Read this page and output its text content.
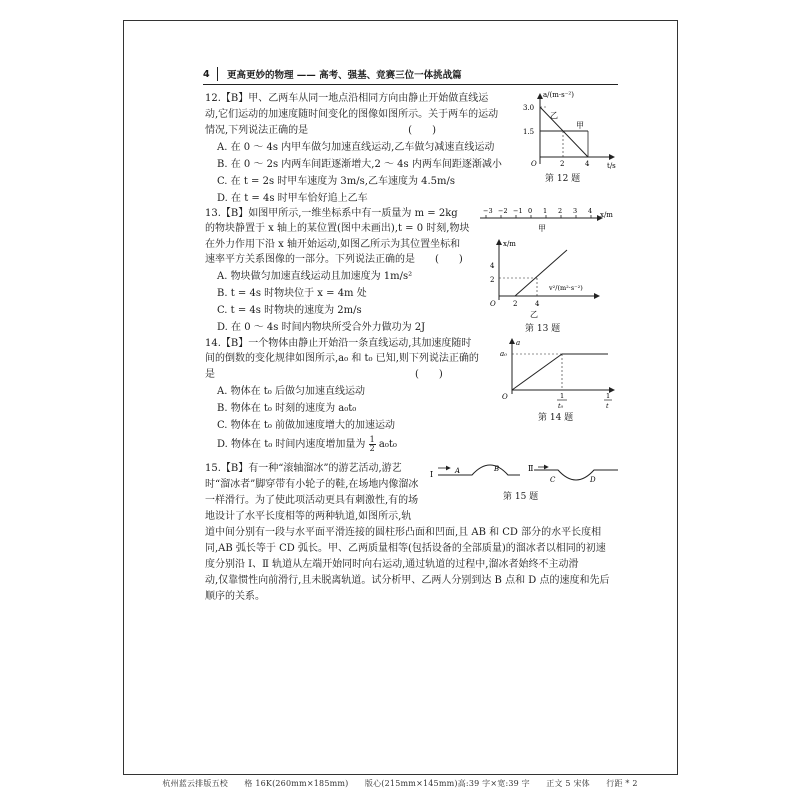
4	更高更妙的物理 —— 高考、强基、竞赛三位一体挑战篇
12.【B】甲、乙两车从同一地点沿相同方向由静止开始做直线运
动,它们运动的加速度随时间变化的图像如图所示。关于两车的运动
情况,下列说法正确的是　　　　　　　　　　(　　)
A. 在 0 ～ 4s 内甲车做匀加速直线运动,乙车做匀减速直线运动
B. 在 0 ～ 2s 内两车间距逐渐增大,2 ～ 4s 内两车间距逐渐减小
C. 在 t = 2s 时甲车速度为 3m/s,乙车速度为 4.5m/s
D. 在 t = 4s 时甲车恰好追上乙车
a/(m·s⁻²)
t/s
3.0
1.5
2	4
O
乙
甲
第 12 题
−3 −2 −1 0 1 2 3 4 x/m
甲
13.【B】如图甲所示,一维坐标系中有一质量为 m = 2kg
的物块静置于 x 轴上的某位置(图中未画出),t = 0 时刻,物块
在外力作用下沿 x 轴开始运动,如图乙所示为其位置坐标和
速率平方关系图像的一部分。下列说法正确的是　　(　　)
A. 物块做匀加速直线运动且加速度为 1m/s²
B. t = 4s 时物块位于 x = 4m 处
C. t = 4s 时物块的速度为 2m/s
D. 在 0 ～ 4s 时间内物块所受合外力做功为 2J
x/m
v²/(m²·s⁻²)
4
2
2	4
O
乙
第 13 题
14.【B】一个物体由静止开始沿一条直线运动,其加速度随时
间的倒数的变化规律如图所示,a₀ 和 t₀ 已知,则下列说法正确的
是　　　　　　　　　　　　　　　　　　　　(　　)
A. 物体在 t₀ 后做匀加速直线运动
B. 物体在 t₀ 时刻的速度为 a₀t₀
C. 物体在 t₀ 前做加速度增大的加速运动
D. 物体在 t₀ 时间内速度增加量为 $\frac{1}{2} a_0t_0$
a
a₀
O	1
t₀
1
t
第 14 题
15.【B】有一种“滚轴溜冰”的游艺活动,游艺
时“溜冰者”脚穿带有小轮子的鞋,在场地内像溜冰
一样滑行。为了使此项活动更具有刺激性,有的场
地设计了水平长度相等的两种轨道,如图所示,轨
道中间分别有一段与水平面平滑连接的圆柱形凸面和凹面,且 AB 和 CD 部分的水平长度相
同,AB 弧长等于 CD 弧长。甲、乙两质量相等(包括设备的全部质量)的溜冰者以相同的初速
度分别沿 Ⅰ、Ⅱ 轨道从左端开始同时向右运动,通过轨道的过程中,溜冰者始终不主动滑
动,仅靠惯性向前滑行,且未脱离轨道。试分析甲、乙两人分别到达 B 点和 D 点的速度和先后
顺序的关系。
Ⅰ	A	B	Ⅱ
C	D
第 15 题
杭州蓝云排版五校　　格 16K(260mm×185mm)　　版心(215mm×145mm)高:39 字×宽:39 字　　正文 5 宋体　　行距 * 2
